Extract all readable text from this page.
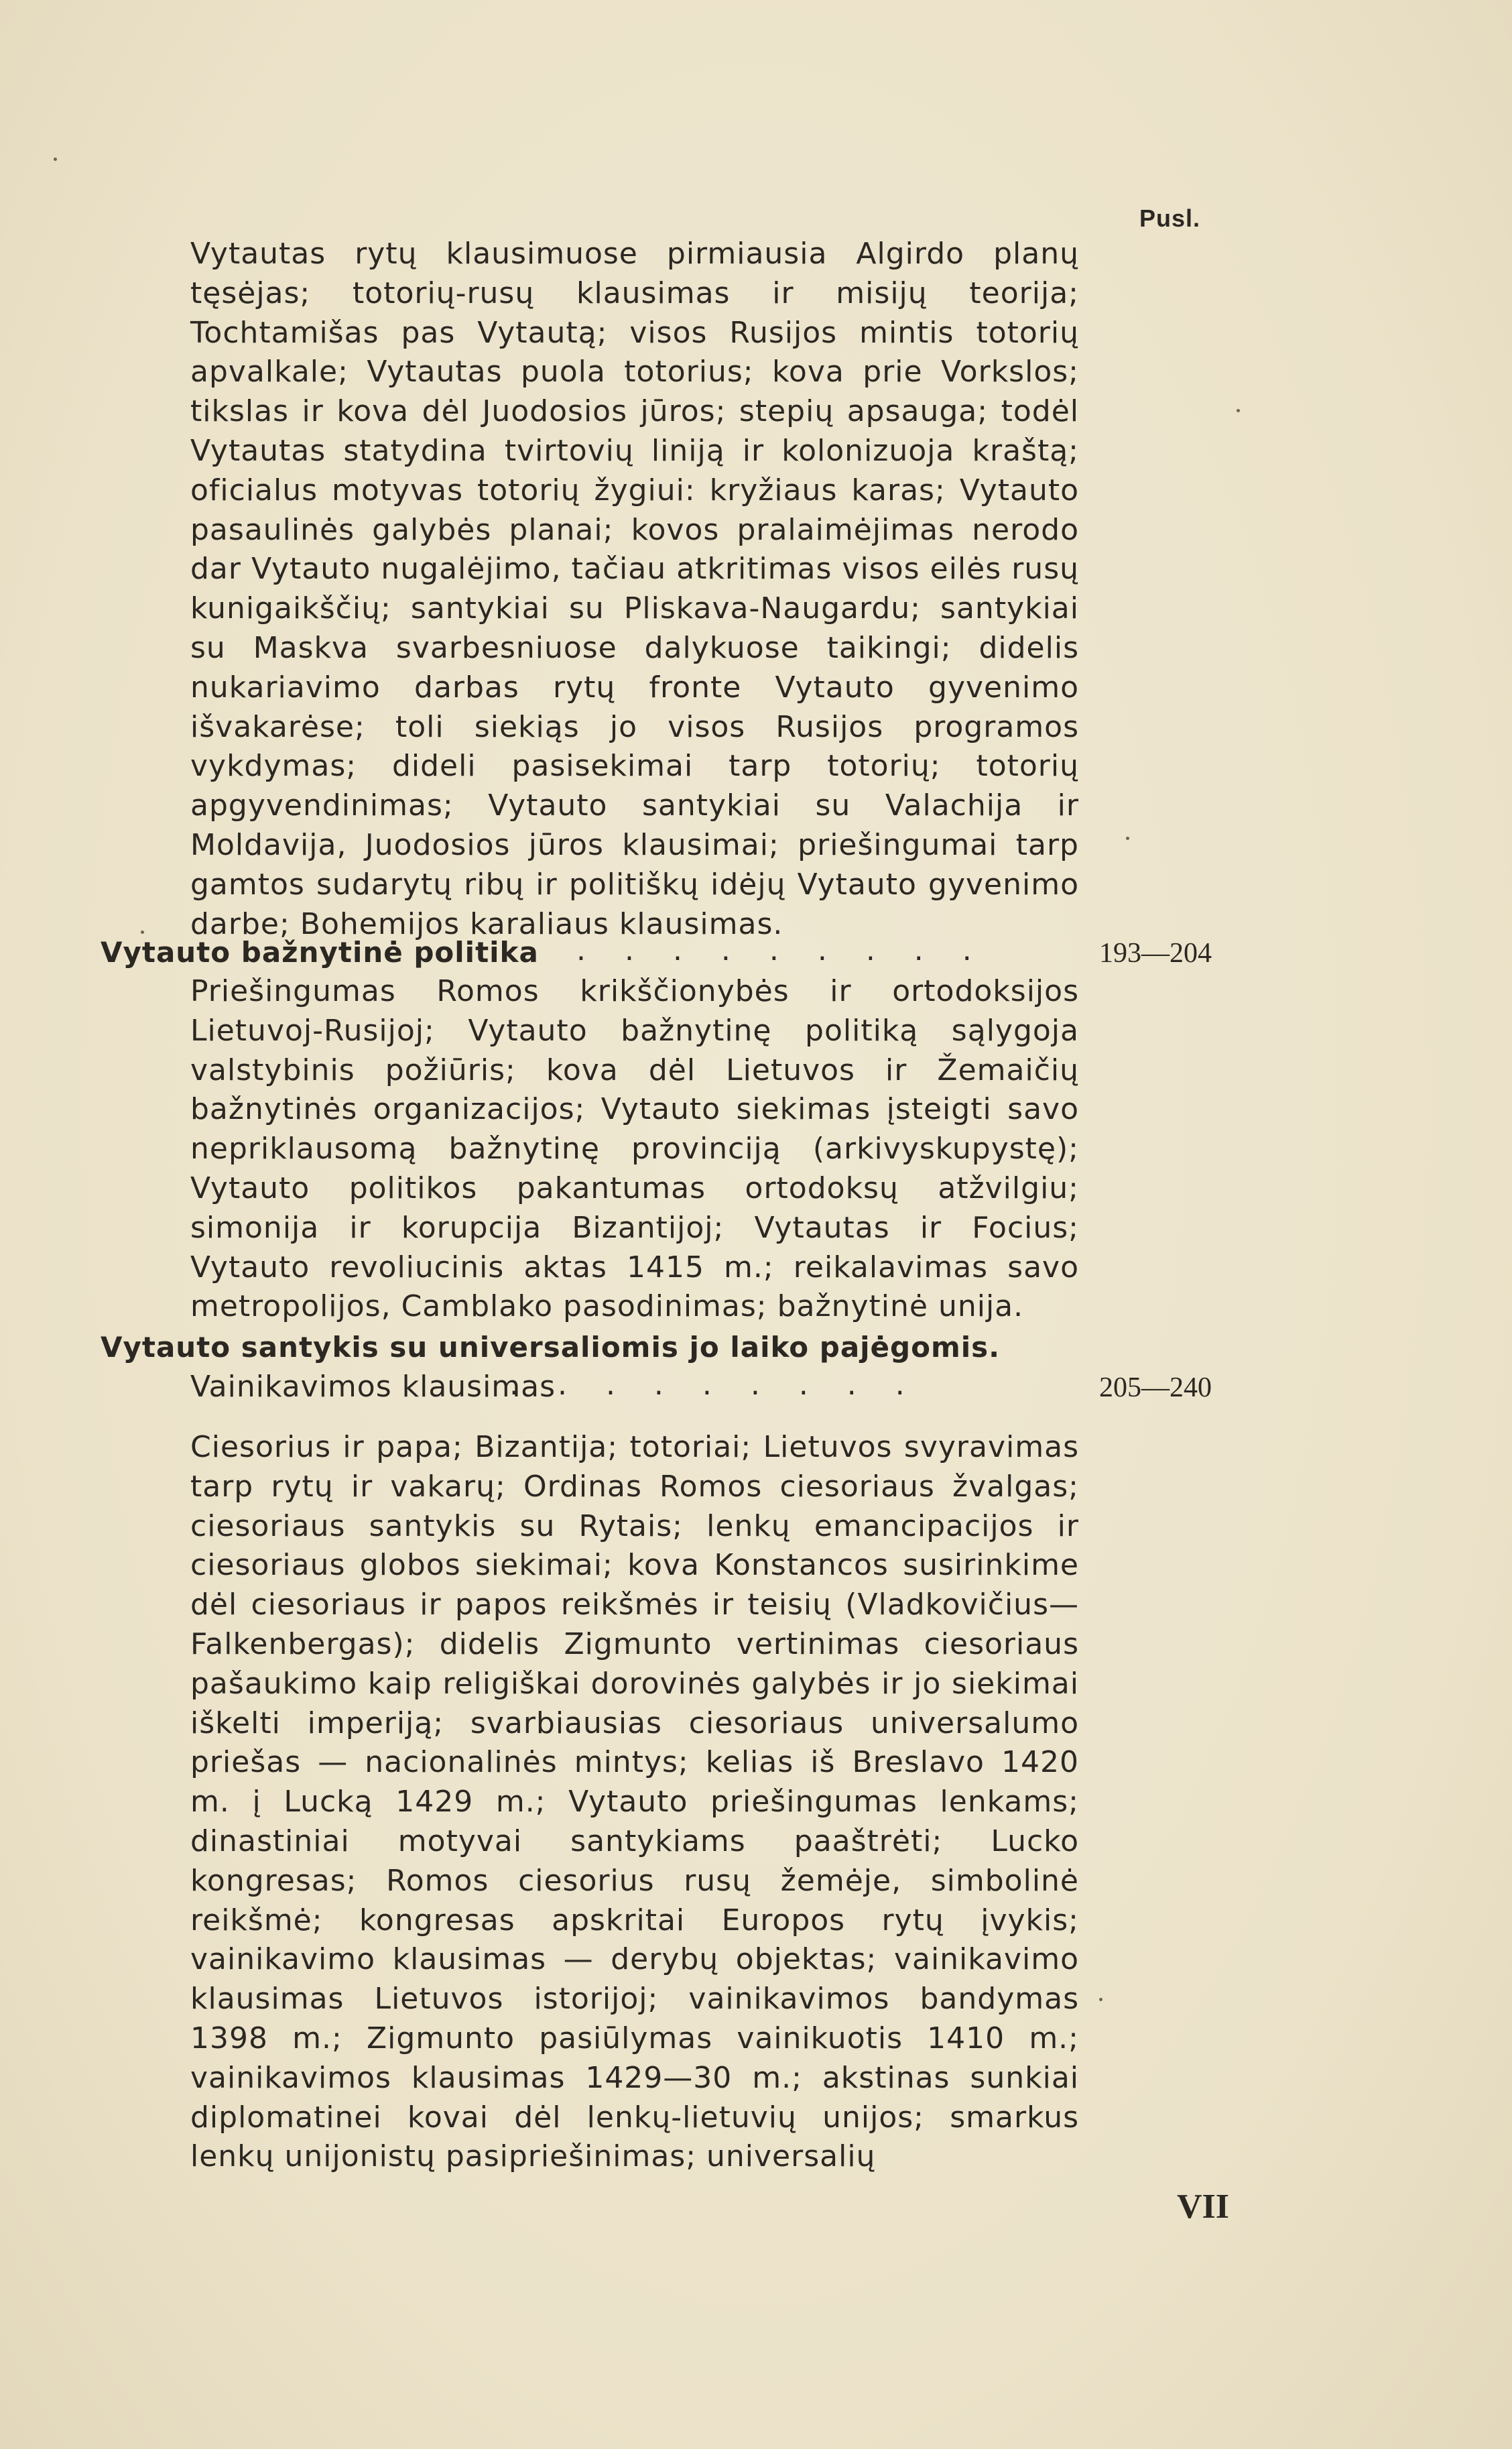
Pusl.
Vytautas rytų klausimuose pirmiausia Algirdo planų tęsėjas; totorių-rusų klausimas ir misijų teorija; Tochtamišas pas Vytautą; visos Rusijos mintis totorių apvalkale; Vytautas puola totorius; kova prie Vorkslos; tikslas ir kova dėl Juodosios jūros; stepių apsauga; todėl Vytautas statydina tvirtovių liniją ir kolonizuoja kraštą; oficialus motyvas totorių žygiui: kryžiaus karas; Vytauto pasaulinės galybės planai; kovos pralaimėjimas nerodo dar Vytauto nugalėjimo, tačiau atkritimas visos eilės rusų kunigaikščių; santykiai su Pliskava-Naugardu; santykiai su Maskva svarbesniuose dalykuose taikingi; didelis nukariavimo darbas rytų fronte Vytauto gyvenimo išvakarėse; toli siekiąs jo visos Rusijos programos vykdymas; dideli pasisekimai tarp totorių; totorių apgyvendinimas; Vytauto santykiai su Valachija ir Moldavija, Juodosios jūros klausimai; priešingumai tarp gamtos sudarytų ribų ir politiškų idėjų Vytauto gyvenimo darbe; Bohemijos karaliaus klausimas.
Vytauto bažnytinė politika . . . . . . . . .	193—204
Priešingumas Romos krikščionybės ir ortodoksijos Lietuvoj-Rusijoj; Vytauto bažnytinę politiką sąlygoja valstybinis požiūris; kova dėl Lietuvos ir Žemaičių bažnytinės organizacijos; Vytauto siekimas įsteigti savo nepriklausomą bažnytinę provinciją (arkivyskupystę); Vytauto politikos pakantumas ortodoksų atžvilgiu; simonija ir korupcija Bizantijoj; Vytautas ir Focius; Vytauto revoliucinis aktas 1415 m.; reikalavimas savo metropolijos, Camblako pasodinimas; bažnytinė unija.
Vytauto santykis su universaliomis jo laiko pajėgomis.
Vainikavimos klausimas
. . . . . . . . .	205—240
Ciesorius ir papa; Bizantija; totoriai; Lietuvos svyravimas tarp rytų ir vakarų; Ordinas Romos ciesoriaus žvalgas; ciesoriaus santykis su Rytais; lenkų emancipacijos ir ciesoriaus globos siekimai; kova Konstancos susirinkime dėl ciesoriaus ir papos reikšmės ir teisių (Vladkovičius—Falkenbergas); didelis Zigmunto vertinimas ciesoriaus pašaukimo kaip religiškai dorovinės galybės ir jo siekimai iškelti imperiją; svarbiausias ciesoriaus universalumo priešas — nacionalinės mintys; kelias iš Breslavo 1420 m. į Lucką 1429 m.; Vytauto priešingumas lenkams; dinastiniai motyvai santykiams paaštrėti; Lucko kongresas; Romos ciesorius rusų žemėje, simbolinė reikšmė; kongresas apskritai Europos rytų įvykis; vainikavimo klausimas — derybų objektas; vainikavimo klausimas Lietuvos istorijoj; vainikavimos bandymas 1398 m.; Zigmunto pasiūlymas vainikuotis 1410 m.; vainikavimos klausimas 1429—30 m.; akstinas sunkiai diplomatinei kovai dėl lenkų-lietuvių unijos; smarkus lenkų unijonistų pasipriešinimas; universalių
VII
